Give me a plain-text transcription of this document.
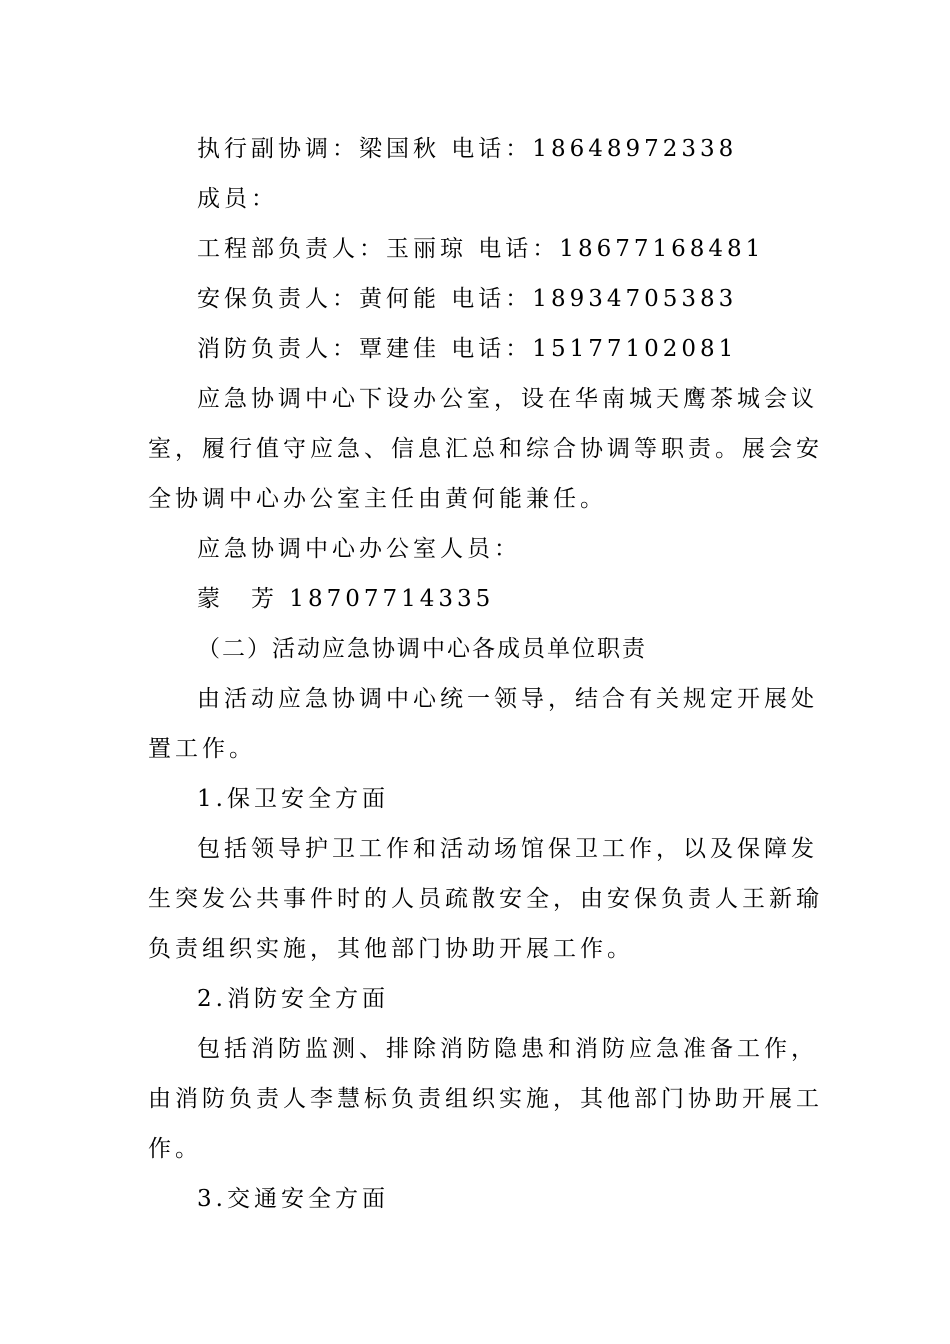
执行副协调：梁国秋 电话：18648972338

成员：

工程部负责人：玉丽琼 电话：18677168481

安保负责人：黄何能 电话：18934705383

消防负责人：覃建佳 电话：15177102081

应急协调中心下设办公室，设在华南城天鹰茶城会议

室，履行值守应急、信息汇总和综合协调等职责。展会安

全协调中心办公室主任由黄何能兼任。

应急协调中心办公室人员：

蒙　芳 18707714335

（二）活动应急协调中心各成员单位职责

由活动应急协调中心统一领导，结合有关规定开展处

置工作。

1.保卫安全方面

包括领导护卫工作和活动场馆保卫工作，以及保障发

生突发公共事件时的人员疏散安全，由安保负责人王新瑜

负责组织实施，其他部门协助开展工作。

2.消防安全方面

包括消防监测、排除消防隐患和消防应急准备工作，

由消防负责人李慧标负责组织实施，其他部门协助开展工

作。

3.交通安全方面
